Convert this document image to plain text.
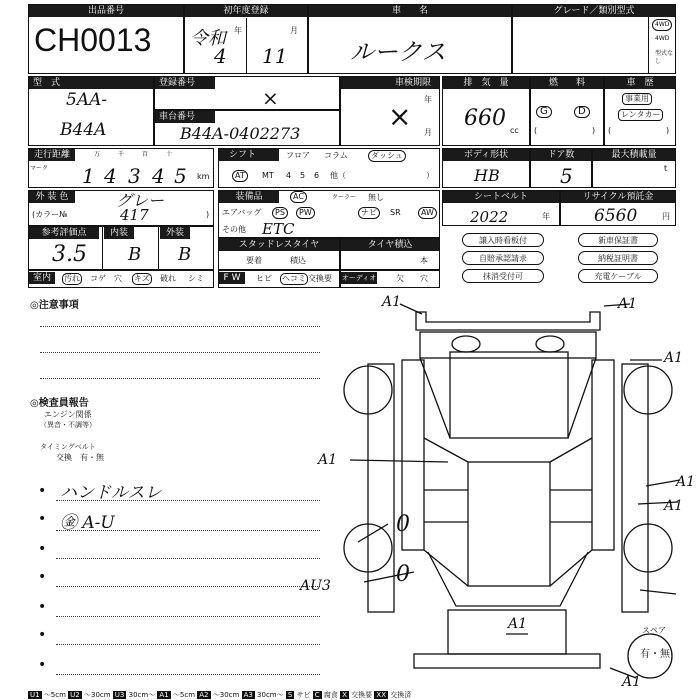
出品番号
CH0013
初年度登録
令和 年	月
4 11
車　　名
ルークス
グレード／類別型式
4WD
4WD
型式なし
型　式
5AA-
B44A
登録番号
×
車台番号
B44A-0402273
車検期限
年
月
×
排　気　量
660 cc
燃　　料
G	D
(	)
車　歴
事業用
レンタカー
(	)
走行距離
マーク
万	千	百	十
km
1 4 3 4 5
シフト	フロア コラム	ダッシュ
AT	MT 4 5 6 他（	）
ボディ形状
HB
ドア数
5
最大積載量
t
外 装 色	グレー
(カラー№	417	)
装備品	AC	クーラー 無し
エアバッグ	PS	PW	ナビ	SR	AW
その他 ETC
シートベルト
2022	年
リサイクル預託金
6560	円
参考評価点
3.5
内装
B
外装
B	スタッドレスタイヤ
要着	積込
タイヤ積込
本
譲入時看板付	新車保証書
自賠承認請求	納税証明書
抹消受付可	充電ケーブル
室内	汚れ コゲ 穴 キズ 破れ シミ	F W	ヒビ ヘコミ 交換要 オーディオ 欠 穴
◎注意事項
◎検査員報告
エンジン関係
（異音・不調等）
タイミングベルト
交換　有・無
• ハンドルスレ
• ㊎ A-U
•
•
•
•
•
A1	A1
A1
A1
A1
A1
AU3
A1
A1
0
0
スペア
有・無
U1 ～5cm U2 ～30cm U3 30cm～ A1 ～5cm A2 ～30cm A3 30cm～ S サビ C 腐食 X 交換要 XX 交換済
